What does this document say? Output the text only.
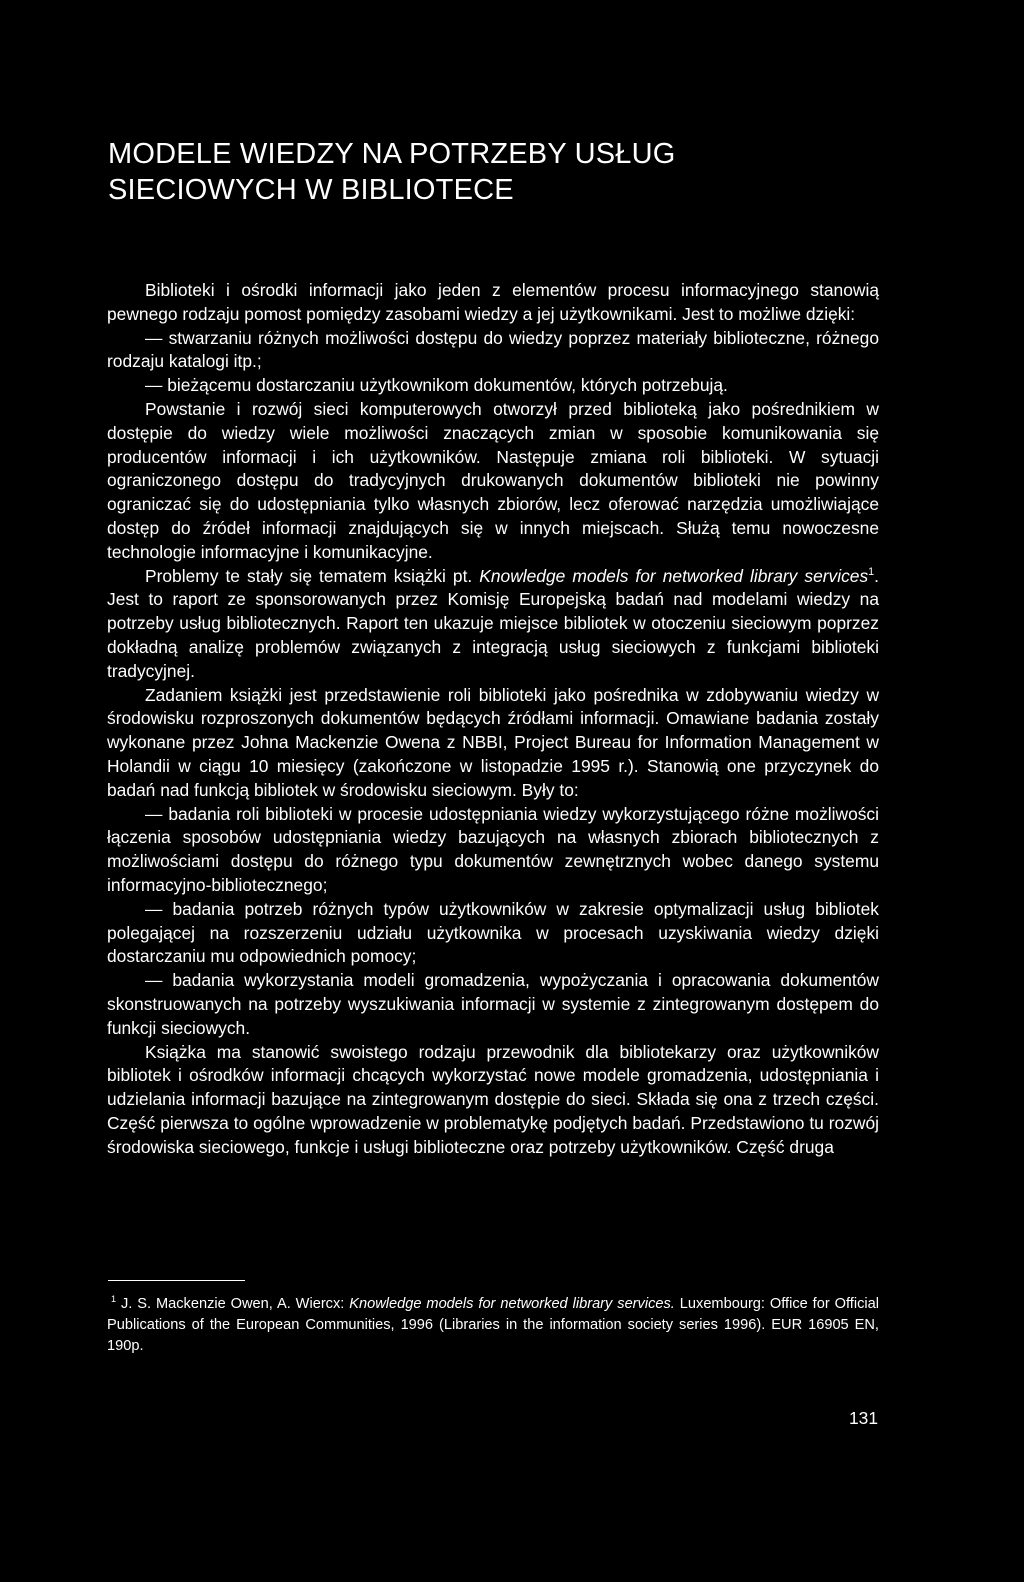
MODELE WIEDZY NA POTRZEBY USŁUG
SIECIOWYCH W BIBLIOTECE

Biblioteki i ośrodki informacji jako jeden z elementów procesu informacyjnego stanowią pewnego rodzaju pomost pomiędzy zasobami wiedzy a jej użytkownikami. Jest to możliwe dzięki:

— stwarzaniu różnych możliwości dostępu do wiedzy poprzez materiały biblioteczne, różnego rodzaju katalogi itp.;

— bieżącemu dostarczaniu użytkownikom dokumentów, których potrzebują.

Powstanie i rozwój sieci komputerowych otworzył przed biblioteką jako pośrednikiem w dostępie do wiedzy wiele możliwości znaczących zmian w sposobie komunikowania się producentów informacji i ich użytkowników. Następuje zmiana roli biblioteki. W sytuacji ograniczonego dostępu do tradycyjnych drukowanych dokumentów biblioteki nie powinny ograniczać się do udostępniania tylko własnych zbiorów, lecz oferować narzędzia umożliwiające dostęp do źródeł informacji znajdujących się w innych miejscach. Służą temu nowoczesne technologie informacyjne i komunikacyjne.

Problemy te stały się tematem książki pt. Knowledge models for networked library services$^1$. Jest to raport ze sponsorowanych przez Komisję Europejską badań nad modelami wiedzy na potrzeby usług bibliotecznych. Raport ten ukazuje miejsce bibliotek w otoczeniu sieciowym poprzez dokładną analizę problemów związanych z integracją usług sieciowych z funkcjami biblioteki tradycyjnej.

Zadaniem książki jest przedstawienie roli biblioteki jako pośrednika w zdobywaniu wiedzy w środowisku rozproszonych dokumentów będących źródłami informacji. Omawiane badania zostały wykonane przez Johna Mackenzie Owena z NBBI, Project Bureau for Information Management w Holandii w ciągu 10 miesięcy (zakończone w listopadzie 1995 r.). Stanowią one przyczynek do badań nad funkcją bibliotek w środowisku sieciowym. Były to:

— badania roli biblioteki w procesie udostępniania wiedzy wykorzystującego różne możliwości łączenia sposobów udostępniania wiedzy bazujących na własnych zbiorach bibliotecznych z możliwościami dostępu do różnego typu dokumentów zewnętrznych wobec danego systemu informacyjno-bibliotecznego;

— badania potrzeb różnych typów użytkowników w zakresie optymalizacji usług bibliotek polegającej na rozszerzeniu udziału użytkownika w procesach uzyskiwania wiedzy dzięki dostarczaniu mu odpowiednich pomocy;

— badania wykorzystania modeli gromadzenia, wypożyczania i opracowania dokumentów skonstruowanych na potrzeby wyszukiwania informacji w systemie z zintegrowanym dostępem do funkcji sieciowych.

Książka ma stanowić swoistego rodzaju przewodnik dla bibliotekarzy oraz użytkowników bibliotek i ośrodków informacji chcących wykorzystać nowe modele gromadzenia, udostępniania i udzielania informacji bazujące na zintegrowanym dostępie do sieci. Składa się ona z trzech części. Część pierwsza to ogólne wprowadzenie w problematykę podjętych badań. Przedstawiono tu rozwój środowiska sieciowego, funkcje i usługi biblioteczne oraz potrzeby użytkowników. Część druga

$^1$ J. S. Mackenzie Owen, A. Wiercx: Knowledge models for networked library services. Luxembourg: Office for Official Publications of the European Communities, 1996 (Libraries in the information society series 1996). EUR 16905 EN, 190p.

131
